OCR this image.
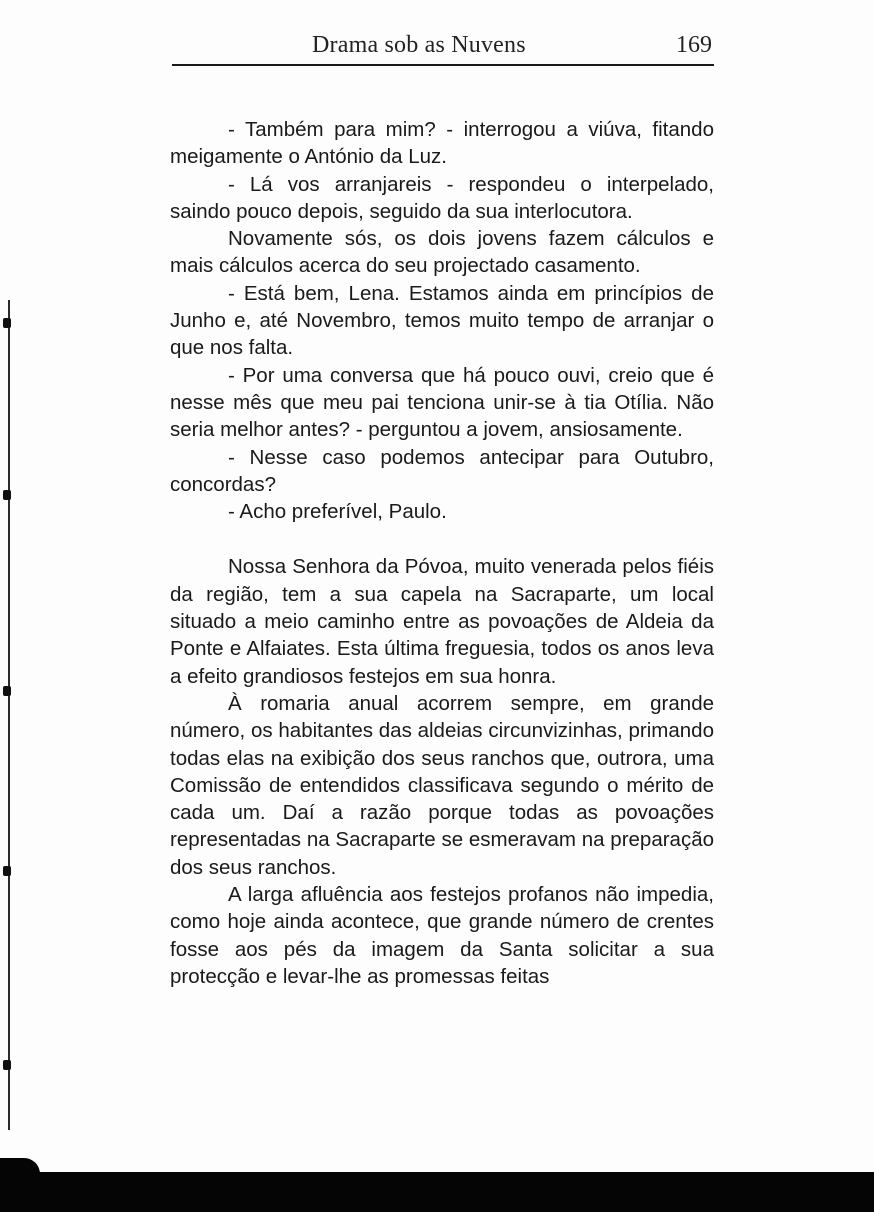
Drama sob as Nuvens	169

- Também para mim? - interrogou a viúva, fitando meigamente o António da Luz.

- Lá vos arranjareis - respondeu o interpelado, saindo pouco depois, seguido da sua interlocutora.

Novamente sós, os dois jovens fazem cálculos e mais cálculos acerca do seu projectado casamento.

- Está bem, Lena. Estamos ainda em princípios de Junho e, até Novembro, temos muito tempo de arranjar o que nos falta.

- Por uma conversa que há pouco ouvi, creio que é nesse mês que meu pai tenciona unir-se à tia Otília. Não seria melhor antes? - perguntou a jovem, ansiosamente.

- Nesse caso podemos antecipar para Outubro, concordas?

- Acho preferível, Paulo.

Nossa Senhora da Póvoa, muito venerada pelos fiéis da região, tem a sua capela na Sacraparte, um local situado a meio caminho entre as povoações de Aldeia da Ponte e Alfaiates. Esta última freguesia, todos os anos leva a efeito grandiosos festejos em sua honra.

À romaria anual acorrem sempre, em grande número, os habitantes das aldeias circunvizinhas, primando todas elas na exibição dos seus ranchos que, outrora, uma Comissão de entendidos classificava segundo o mérito de cada um. Daí a razão porque todas as povoações representadas na Sacraparte se esmeravam na preparação dos seus ranchos.

A larga afluência aos festejos profanos não impedia, como hoje ainda acontece, que grande número de crentes fosse aos pés da imagem da Santa solicitar a sua protecção e levar-lhe as promessas feitas
